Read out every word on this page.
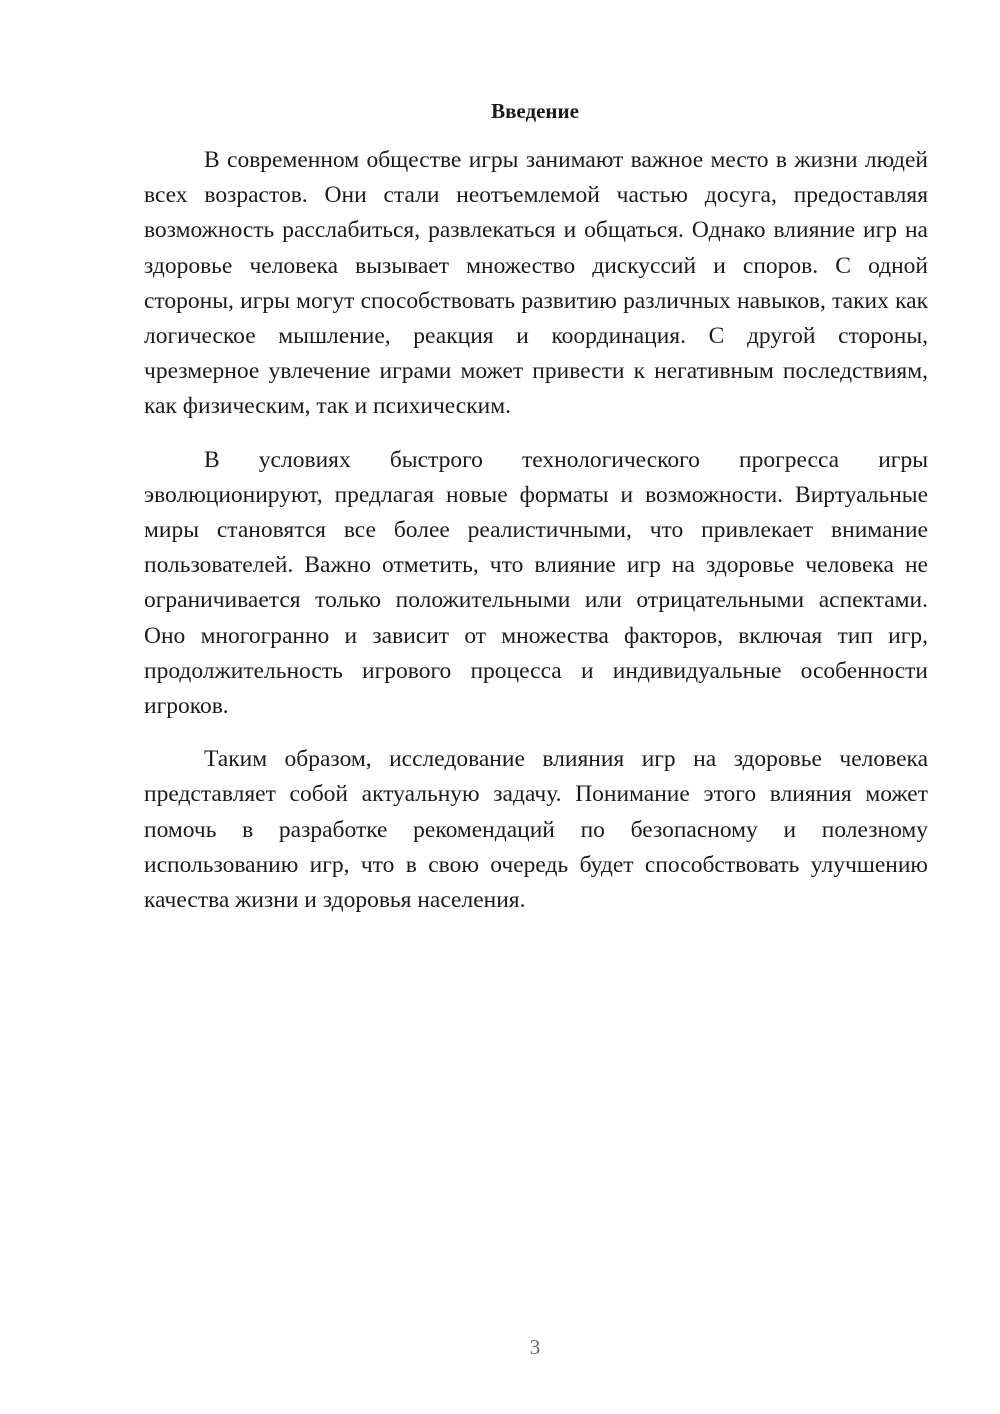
Введение

В современном обществе игры занимают важное место в жизни людей всех возрастов. Они стали неотъемлемой частью досуга, предоставляя возможность расслабиться, развлекаться и общаться. Однако влияние игр на здоровье человека вызывает множество дискуссий и споров. С одной стороны, игры могут способствовать развитию различных навыков, таких как логическое мышление, реакция и координация. С другой стороны, чрезмерное увлечение играми может привести к негативным последствиям, как физическим, так и психическим.

В условиях быстрого технологического прогресса игры эволюционируют, предлагая новые форматы и возможности. Виртуальные миры становятся все более реалистичными, что привлекает внимание пользователей. Важно отметить, что влияние игр на здоровье человека не ограничивается только положительными или отрицательными аспектами. Оно многогранно и зависит от множества факторов, включая тип игр, продолжительность игрового процесса и индивидуальные особенности игроков.

Таким образом, исследование влияния игр на здоровье человека представляет собой актуальную задачу. Понимание этого влияния может помочь в разработке рекомендаций по безопасному и полезному использованию игр, что в свою очередь будет способствовать улучшению качества жизни и здоровья населения.

3
